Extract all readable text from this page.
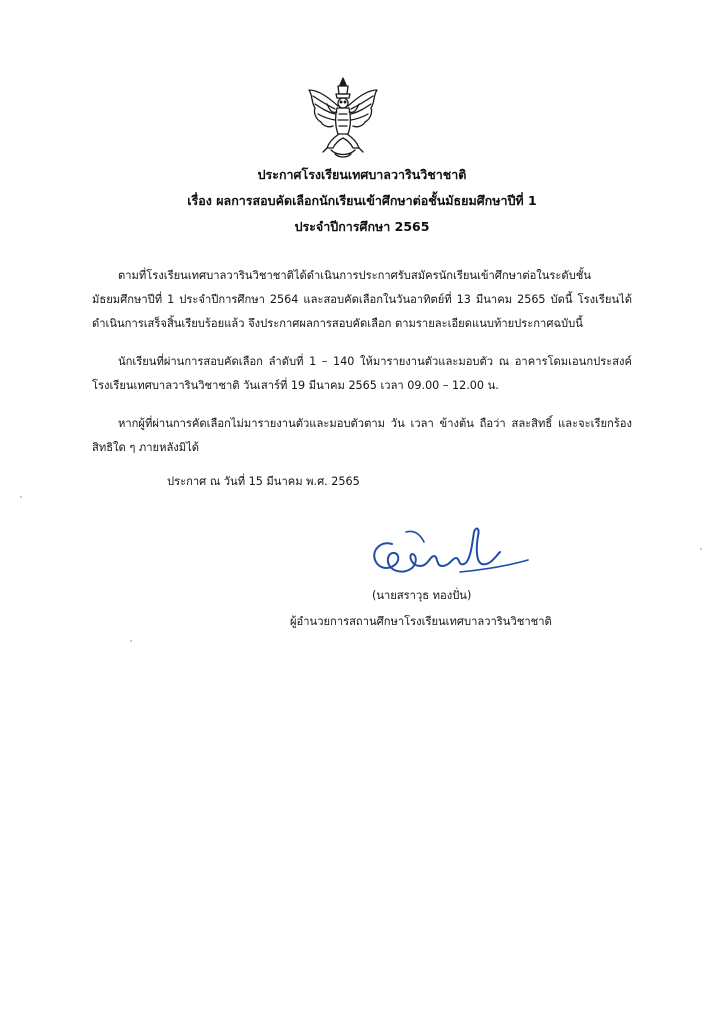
ประกาศโรงเรียนเทศบาลวารินวิชาชาติ
เรื่อง ผลการสอบคัดเลือกนักเรียนเข้าศึกษาต่อชั้นมัธยมศึกษาปีที่ 1
ประจำปีการศึกษา 2565

ตามที่โรงเรียนเทศบาลวารินวิชาชาติได้ดำเนินการประกาศรับสมัครนักเรียนเข้าศึกษาต่อในระดับชั้นมัธยมศึกษาปีที่ 1 ประจำปีการศึกษา 2564 และสอบคัดเลือกในวันอาทิตย์ที่ 13 มีนาคม 2565 บัดนี้ โรงเรียนได้ดำเนินการเสร็จสิ้นเรียบร้อยแล้ว จึงประกาศผลการสอบคัดเลือก ตามรายละเอียดแนบท้ายประกาศฉบับนี้

นักเรียนที่ผ่านการสอบคัดเลือก ลำดับที่ 1 – 140 ให้มารายงานตัวและมอบตัว ณ อาคารโดมเอนกประสงค์ โรงเรียนเทศบาลวารินวิชาชาติ วันเสาร์ที่ 19 มีนาคม 2565 เวลา 09.00 – 12.00 น.

หากผู้ที่ผ่านการคัดเลือกไม่มารายงานตัวและมอบตัวตาม วัน เวลา ข้างต้น ถือว่า สละสิทธิ์ และจะเรียกร้องสิทธิใด ๆ ภายหลังมิได้

ประกาศ ณ วันที่ 15 มีนาคม พ.ศ. 2565
(นายสราวุธ ทองปั่น)
ผู้อำนวยการสถานศึกษาโรงเรียนเทศบาลวารินวิชาชาติ
